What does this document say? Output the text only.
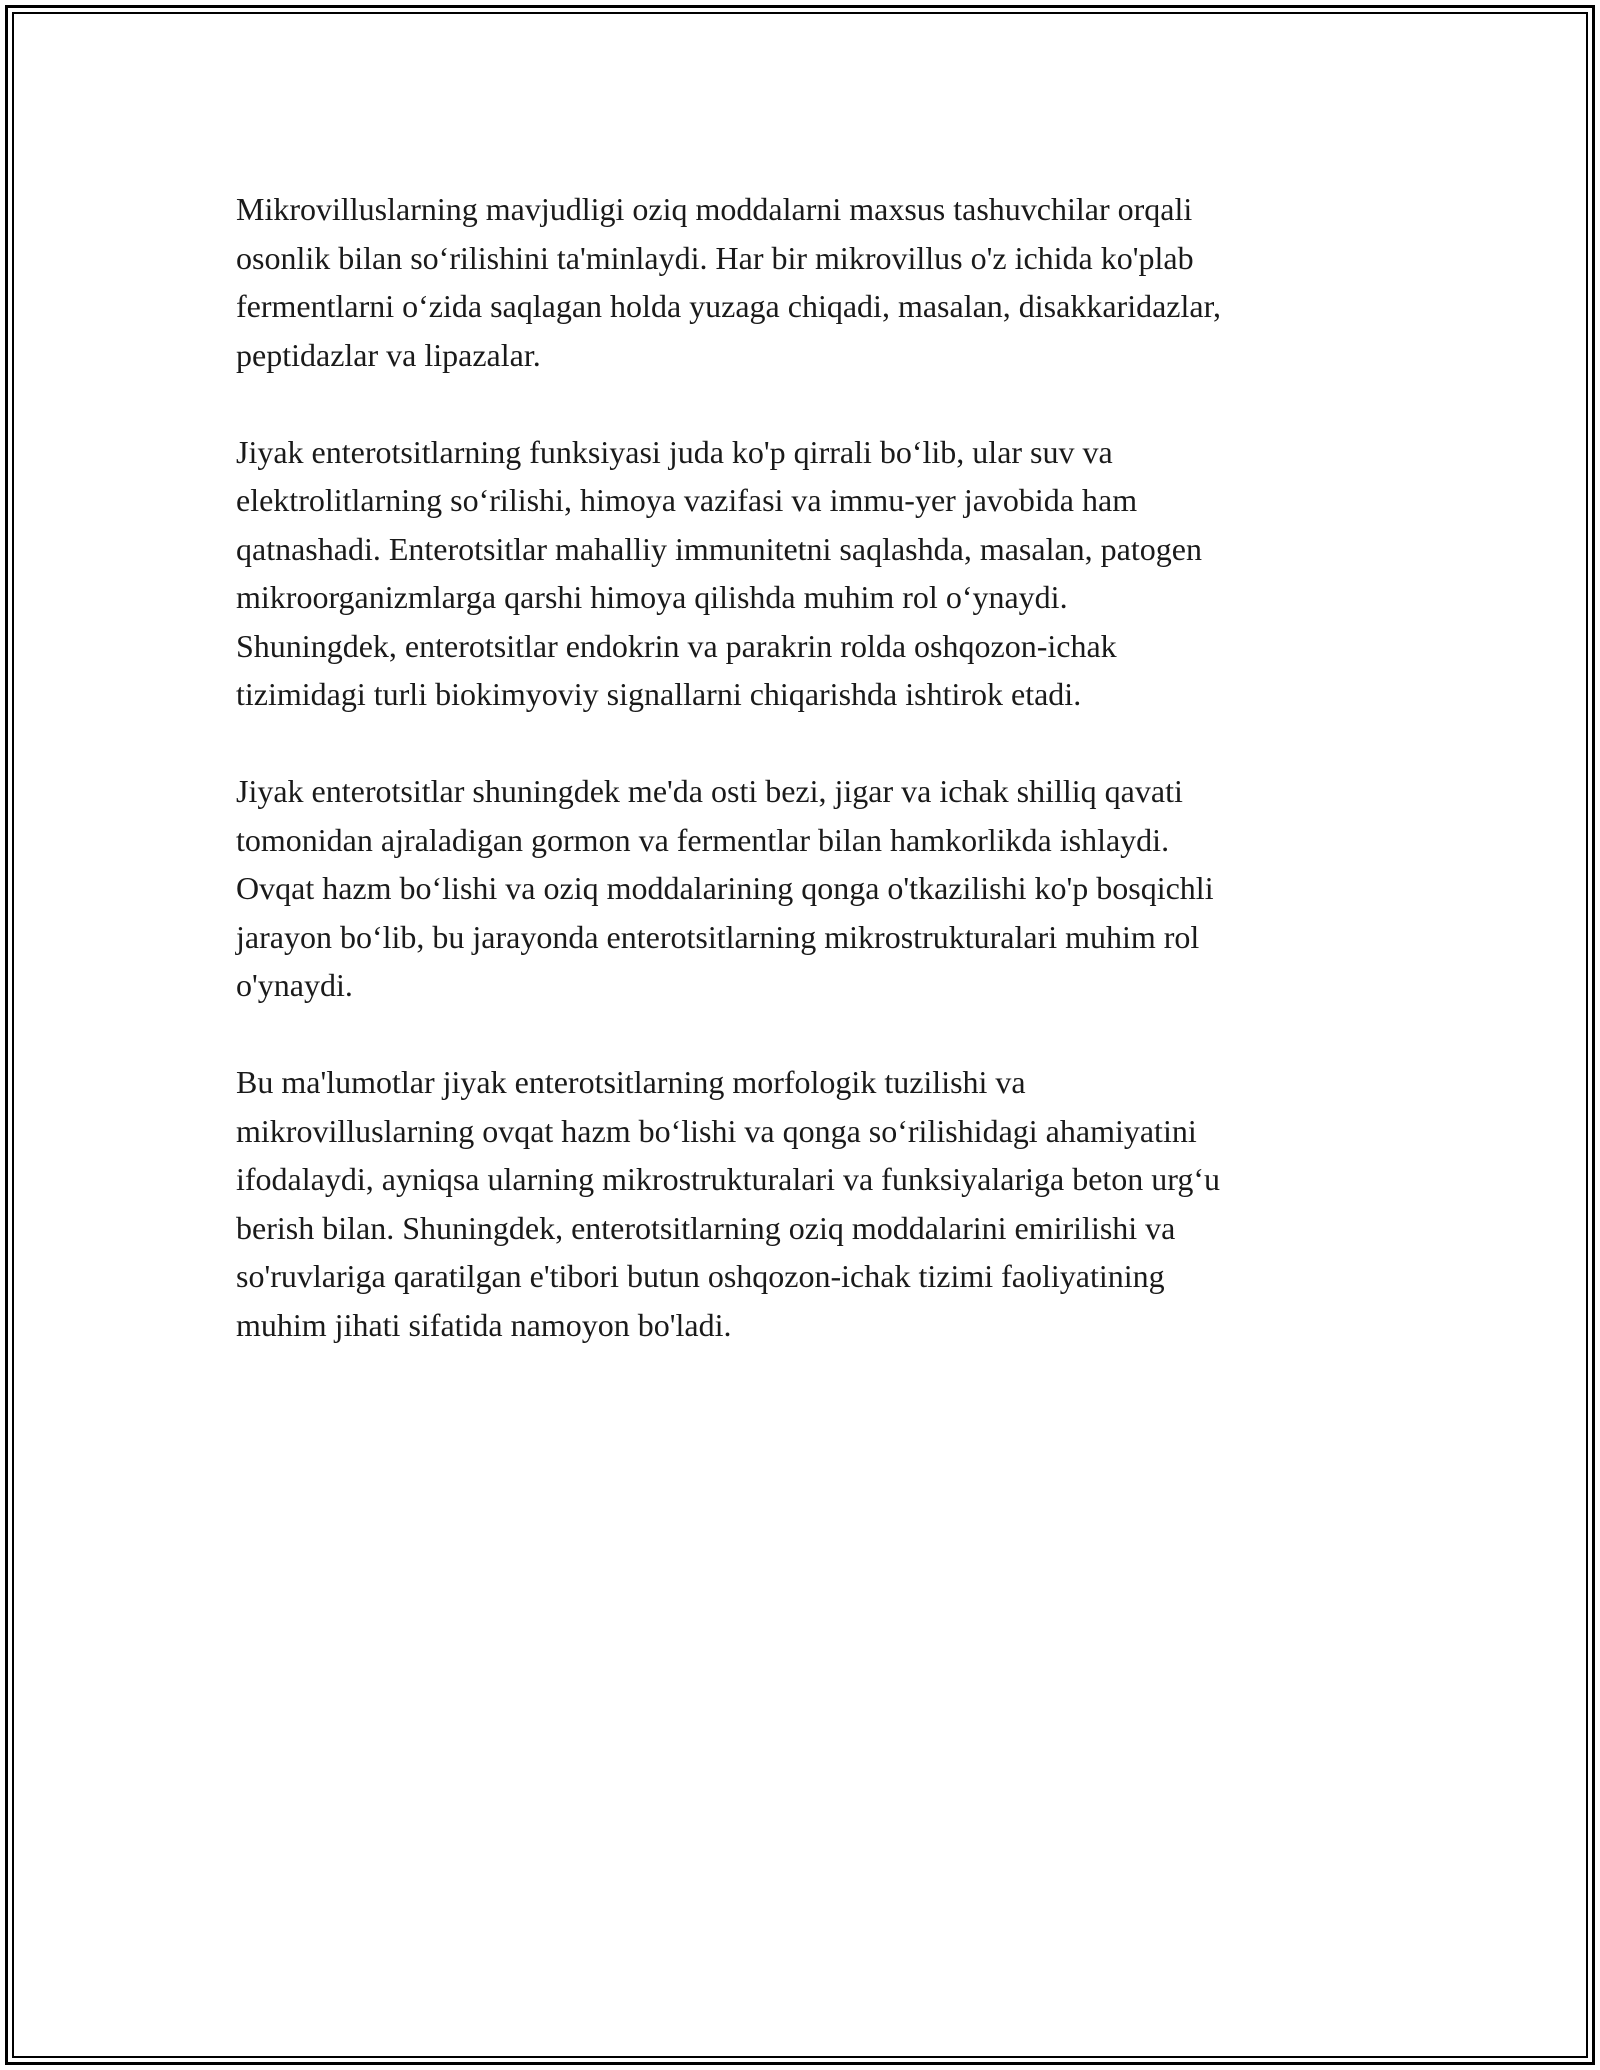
Mikrovilluslarning mavjudligi oziq moddalarni maxsus tashuvchilar orqali
osonlik bilan so‘rilishini ta'minlaydi. Har bir mikrovillus o'z ichida ko'plab
fermentlarni o‘zida saqlagan holda yuzaga chiqadi, masalan, disakkaridazlar,
peptidazlar va lipazalar.

Jiyak enterotsitlarning funksiyasi juda ko'p qirrali bo‘lib, ular suv va
elektrolitlarning so‘rilishi, himoya vazifasi va immu-yer javobida ham
qatnashadi. Enterotsitlar mahalliy immunitetni saqlashda, masalan, patogen
mikroorganizmlarga qarshi himoya qilishda muhim rol o‘ynaydi.
Shuningdek, enterotsitlar endokrin va parakrin rolda oshqozon-ichak
tizimidagi turli biokimyoviy signallarni chiqarishda ishtirok etadi.

Jiyak enterotsitlar shuningdek me'da osti bezi, jigar va ichak shilliq qavati
tomonidan ajraladigan gormon va fermentlar bilan hamkorlikda ishlaydi.
Ovqat hazm bo‘lishi va oziq moddalarining qonga o'tkazilishi ko'p bosqichli
jarayon bo‘lib, bu jarayonda enterotsitlarning mikrostrukturalari muhim rol
o'ynaydi.

Bu ma'lumotlar jiyak enterotsitlarning morfologik tuzilishi va
mikrovilluslarning ovqat hazm bo‘lishi va qonga so‘rilishidagi ahamiyatini
ifodalaydi, ayniqsa ularning mikrostrukturalari va funksiyalariga beton urg‘u
berish bilan. Shuningdek, enterotsitlarning oziq moddalarini emirilishi va
so'ruvlariga qaratilgan e'tibori butun oshqozon-ichak tizimi faoliyatining
muhim jihati sifatida namoyon bo'ladi.
